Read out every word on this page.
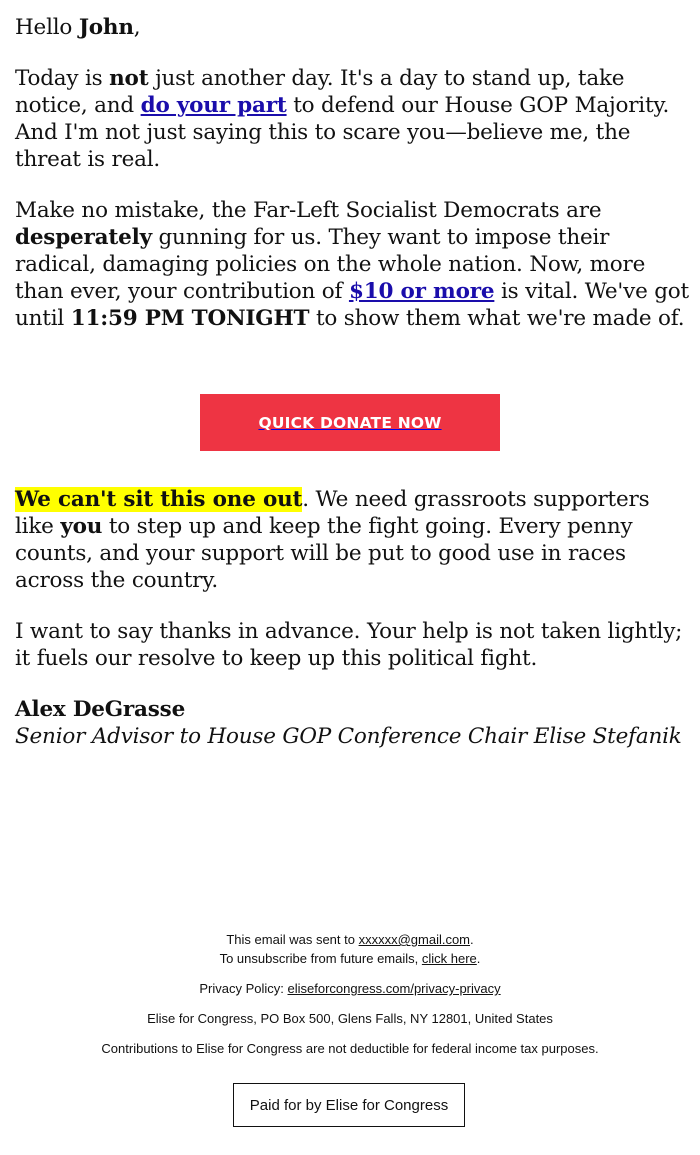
Hello John,

Today is not just another day. It's a day to stand up, take notice, and do your part to defend our House GOP Majority. And I'm not just saying this to scare you—believe me, the threat is real.

Make no mistake, the Far-Left Socialist Democrats are desperately gunning for us. They want to impose their radical, damaging policies on the whole nation. Now, more than ever, your contribution of $10 or more is vital. We've got until 11:59 PM TONIGHT to show them what we're made of.

QUICK DONATE NOW

We can't sit this one out. We need grassroots supporters like you to step up and keep the fight going. Every penny counts, and your support will be put to good use in races across the country.

I want to say thanks in advance. Your help is not taken lightly; it fuels our resolve to keep up this political fight.

Alex DeGrasse

Senior Advisor to House GOP Conference Chair Elise Stefanik

This email was sent to xxxxxx@gmail.com.

To unsubscribe from future emails, click here.

Privacy Policy: eliseforcongress.com/privacy-privacy

Elise for Congress, PO Box 500, Glens Falls, NY 12801, United States

Contributions to Elise for Congress are not deductible for federal income tax purposes.

Paid for by Elise for Congress
